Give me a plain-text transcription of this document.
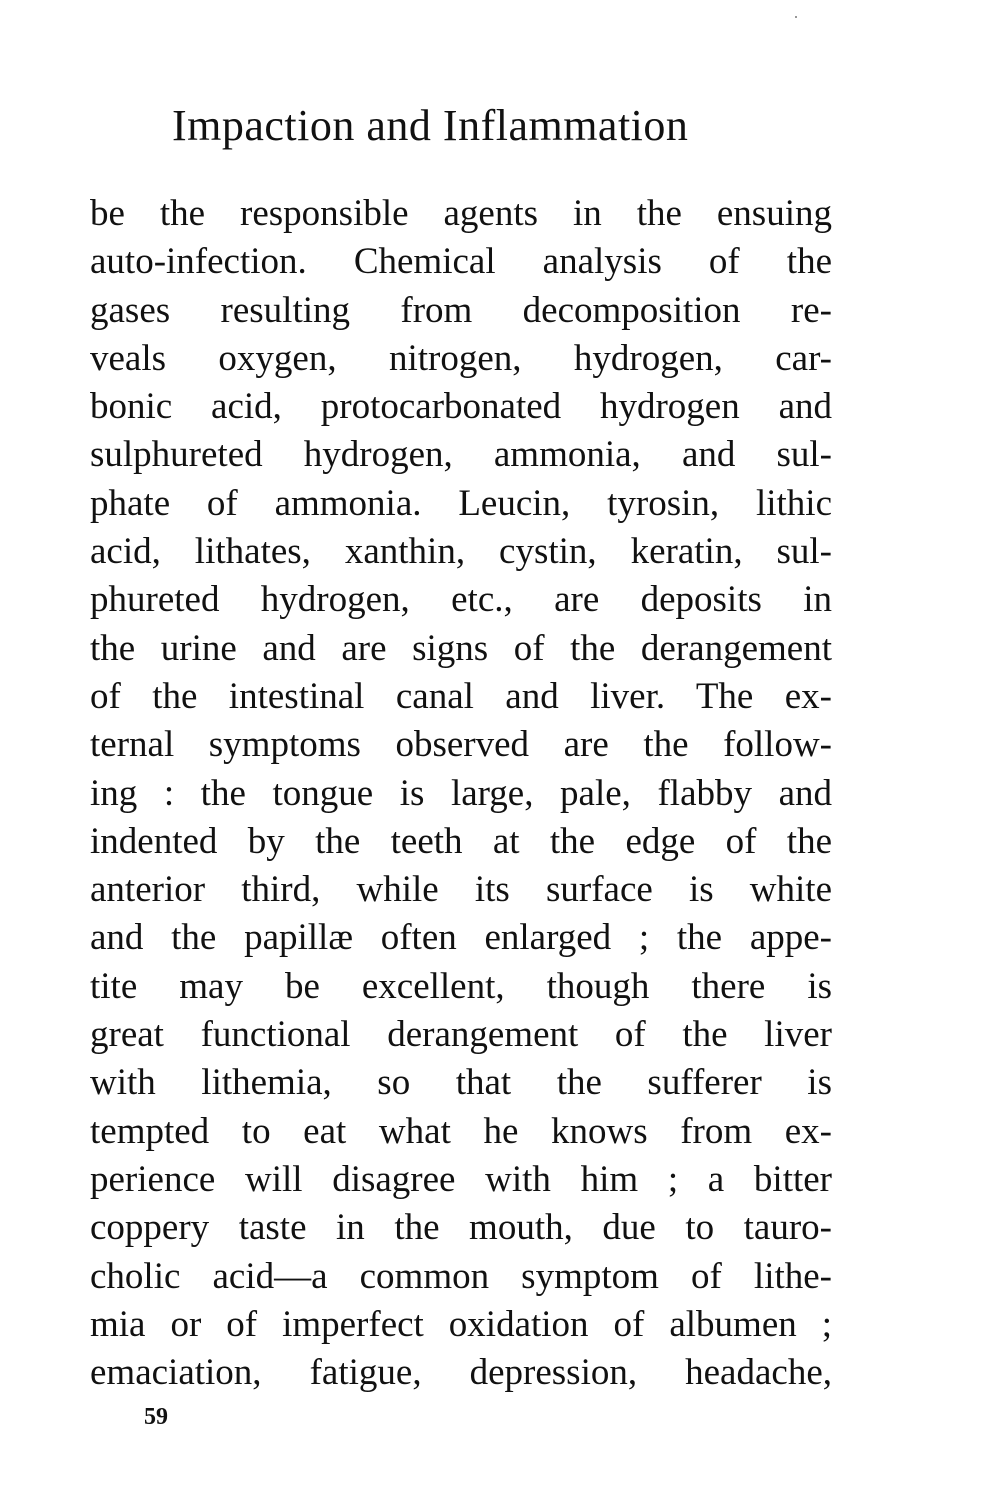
Impaction and Inflammation
be the responsible agents in the ensuing
auto-infection. Chemical analysis of the
gases resulting from decomposition re-
veals oxygen, nitrogen, hydrogen, car-
bonic acid, protocarbonated hydrogen and
sulphureted hydrogen, ammonia, and sul-
phate of ammonia. Leucin, tyrosin, lithic
acid, lithates, xanthin, cystin, keratin, sul-
phureted hydrogen, etc., are deposits in
the urine and are signs of the derangement
of the intestinal canal and liver. The ex-
ternal symptoms observed are the follow-
ing : the tongue is large, pale, flabby and
indented by the teeth at the edge of the
anterior third, while its surface is white
and the papillæ often enlarged ; the appe-
tite may be excellent, though there is
great functional derangement of the liver
with lithemia, so that the sufferer is
tempted to eat what he knows from ex-
perience will disagree with him ; a bitter
coppery taste in the mouth, due to tauro-
cholic acid—a common symptom of lithe-
mia or of imperfect oxidation of albumen ;
emaciation, fatigue, depression, headache,
59
